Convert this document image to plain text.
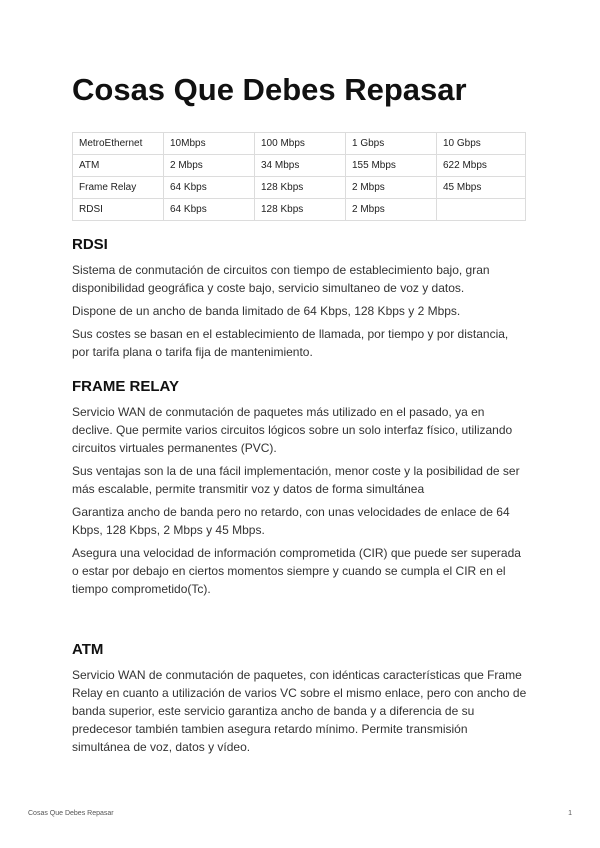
Cosas Que Debes Repasar
MetroEthernet	10Mbps	100 Mbps	1 Gbps	10 Gbps
ATM	2 Mbps	34 Mbps	155 Mbps	622 Mbps
Frame Relay	64 Kbps	128 Kbps	2 Mbps	45 Mbps
RDSI	64 Kbps	128 Kbps	2 Mbps	
RDSI

Sistema de conmutación de circuitos con tiempo de establecimiento bajo, gran disponibilidad geográfica y coste bajo, servicio simultaneo de voz y datos.

Dispone de un ancho de banda limitado de 64 Kbps, 128 Kbps y 2 Mbps.

Sus costes se basan en el establecimiento de llamada, por tiempo y por distancia, por tarifa plana o tarifa fija de mantenimiento.

FRAME RELAY

Servicio WAN de conmutación de paquetes más utilizado en el pasado, ya en declive. Que permite varios circuitos lógicos sobre un solo interfaz físico, utilizando circuitos virtuales permanentes (PVC).

Sus ventajas son la de una fácil implementación, menor coste y la posibilidad de ser más escalable, permite transmitir voz y datos de forma simultánea

Garantiza ancho de banda pero no retardo, con unas velocidades de enlace de 64 Kbps, 128 Kbps, 2 Mbps y 45 Mbps.

Asegura una velocidad de información comprometida (CIR) que puede ser superada o estar por debajo en ciertos momentos siempre y cuando se cumpla el CIR en el tiempo comprometido(Tc).

ATM

Servicio WAN de conmutación de paquetes, con idénticas características que Frame Relay en cuanto a utilización de varios VC sobre el mismo enlace, pero con ancho de banda superior, este servicio garantiza ancho de banda y a diferencia de su predecesor también tambien asegura retardo mínimo. Permite transmisión simultánea de voz, datos y vídeo.

Cosas Que Debes Repasar	1
